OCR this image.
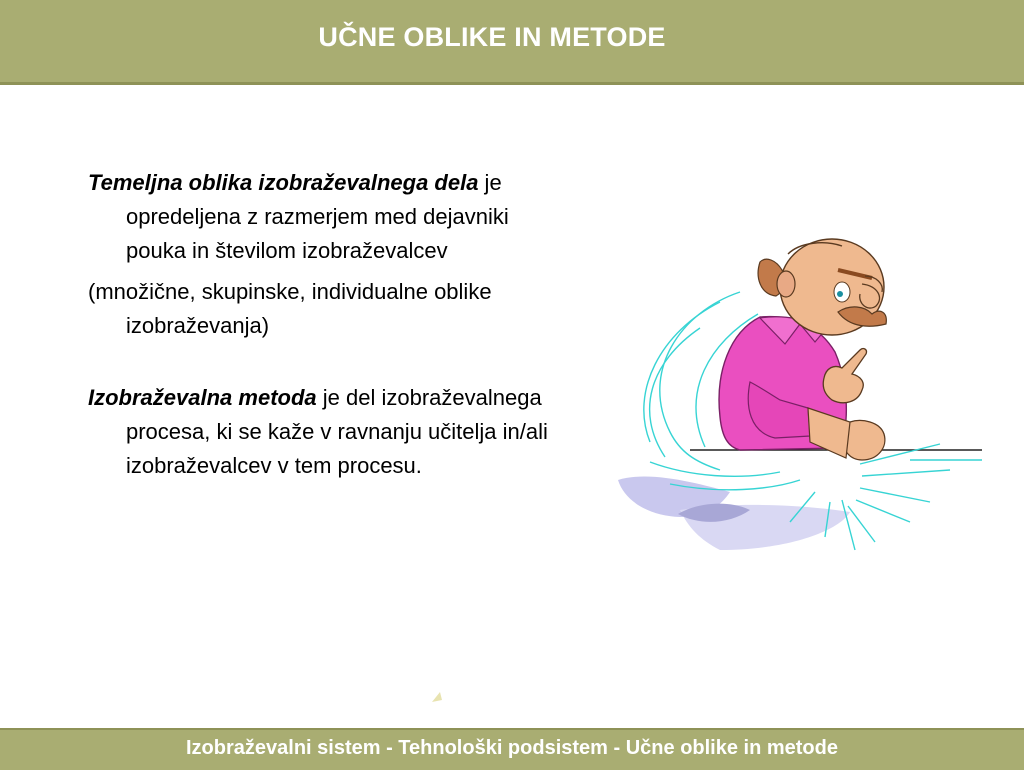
UČNE OBLIKE IN METODE
Temeljna oblika izobraževalnega dela je opredeljena z razmerjem med dejavniki pouka in številom izobraževalcev
(množične, skupinske, individualne oblike izobraževanja)
Izobraževalna metoda je del izobraževalnega procesa, ki se kaže v ravnanju učitelja in/ali izobraževalcev v tem procesu.
Izobraževalni sistem - Tehnološki podsistem - Učne oblike in metode
